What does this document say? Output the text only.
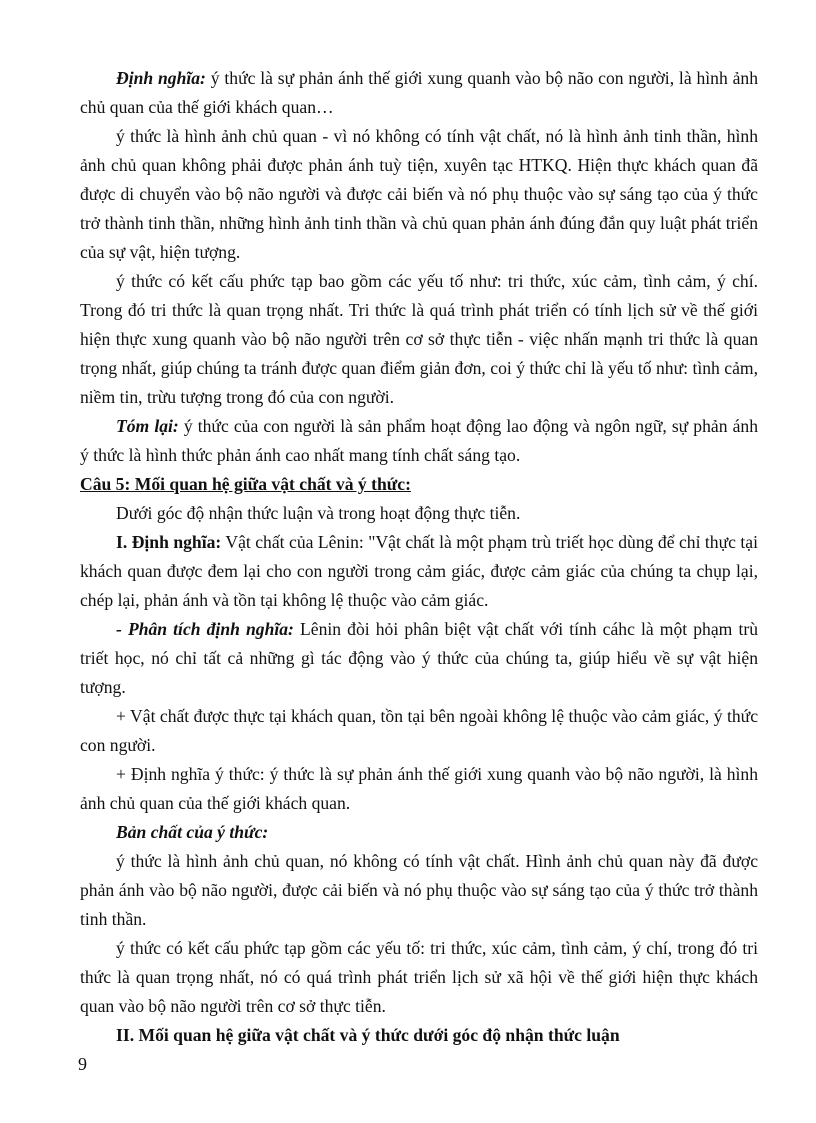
Định nghĩa: ý thức là sự phản ánh thế giới xung quanh vào bộ não con người, là hình ảnh chủ quan của thế giới khách quan…

ý thức là hình ảnh chủ quan - vì nó không có tính vật chất, nó là hình ảnh tinh thần, hình ảnh chủ quan không phải được phản ánh tuỳ tiện, xuyên tạc HTKQ. Hiện thực khách quan đã được di chuyển vào bộ não người và được cải biến và nó phụ thuộc vào sự sáng tạo của ý thức trở thành tinh thần, những hình ảnh tinh thần và chủ quan phản ánh đúng đắn quy luật phát triển của sự vật, hiện tượng.

ý thức có kết cấu phức tạp bao gồm các yếu tố như: tri thức, xúc cảm, tình cảm, ý chí. Trong đó tri thức là quan trọng nhất. Tri thức là quá trình phát triển có tính lịch sử về thế giới hiện thực xung quanh vào bộ não người trên cơ sở thực tiễn - việc nhấn mạnh tri thức là quan trọng nhất, giúp chúng ta tránh được quan điểm giản đơn, coi ý thức chỉ là yếu tố như: tình cảm, niềm tin, trừu tượng trong đó của con người.

Tóm lại: ý thức của con người là sản phẩm hoạt động lao động và ngôn ngữ, sự phản ánh ý thức là hình thức phản ánh cao nhất mang tính chất sáng tạo.

Câu 5: Mối quan hệ giữa vật chất và ý thức:

Dưới góc độ nhận thức luận và trong hoạt động thực tiễn.

I. Định nghĩa: Vật chất của Lênin: "Vật chất là một phạm trù triết học dùng để chỉ thực tại khách quan được đem lại cho con người trong cảm giác, được cảm giác của chúng ta chụp lại, chép lại, phản ánh và tồn tại không lệ thuộc vào cảm giác.

- Phân tích định nghĩa: Lênin đòi hỏi phân biệt vật chất với tính cáhc là một phạm trù triết học, nó chỉ tất cả những gì tác động vào ý thức của chúng ta, giúp hiểu về sự vật hiện tượng.

+ Vật chất được thực tại khách quan, tồn tại bên ngoài không lệ thuộc vào cảm giác, ý thức con người.

+ Định nghĩa ý thức: ý thức là sự phản ánh thế giới xung quanh vào bộ não người, là hình ảnh chủ quan của thế giới khách quan.

Bản chất của ý thức:

ý thức là hình ảnh chủ quan, nó không có tính vật chất. Hình ảnh chủ quan này đã được phản ánh vào bộ não người, được cải biến và nó phụ thuộc vào sự sáng tạo của ý thức trở thành tinh thần.

ý thức có kết cấu phức tạp gồm các yếu tố: tri thức, xúc cảm, tình cảm, ý chí, trong đó tri thức là quan trọng nhất, nó có quá trình phát triển lịch sử xã hội về thế giới hiện thực khách quan vào bộ não người trên cơ sở thực tiễn.

II. Mối quan hệ giữa vật chất và ý thức dưới góc độ nhận thức luận

9
